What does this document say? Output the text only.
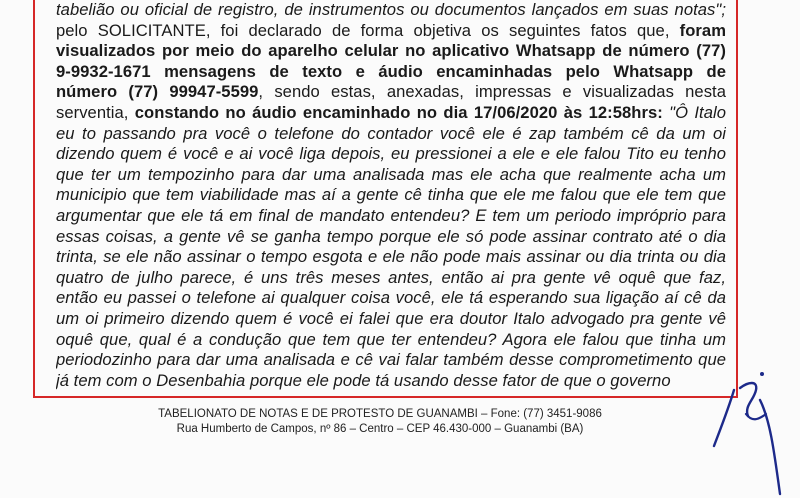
tabelião ou oficial de registro, de instrumentos ou documentos lançados em suas notas";
pelo SOLICITANTE, foi declarado de forma objetiva os seguintes fatos que, foram
visualizados por meio do aparelho celular no aplicativo Whatsapp de número (77)
9-9932-1671 mensagens de texto e áudio encaminhadas pelo Whatsapp de
número (77) 99947-5599, sendo estas, anexadas, impressas e visualizadas nesta
serventia, constando no áudio encaminhado no dia 17/06/2020 às 12:58hrs: "Ô Italo
eu to passando pra você o telefone do contador você ele é zap também cê da um oi
dizendo quem é você e ai você liga depois, eu pressionei a ele e ele falou Tito eu tenho
que ter um tempozinho para dar uma analisada mas ele acha que realmente acha um
municipio que tem viabilidade mas aí a gente cê tinha que ele me falou que ele tem que
argumentar que ele tá em final de mandato entendeu? E tem um periodo impróprio para
essas coisas, a gente vê se ganha tempo porque ele só pode assinar contrato até o dia
trinta, se ele não assinar o tempo esgota e ele não pode mais assinar ou dia trinta ou dia
quatro de julho parece, é uns três meses antes, então ai pra gente vê oquê que faz,
então eu passei o telefone ai qualquer coisa você, ele tá esperando sua ligação aí cê da
um oi primeiro dizendo quem é você ei falei que era doutor Italo advogado pra gente vê
oquê que, qual é a condução que tem que ter entendeu? Agora ele falou que tinha um
periodozinho para dar uma analisada e cê vai falar também desse comprometimento que
já tem com o Desenbahia porque ele pode tá usando desse fator de que o governo
TABELIONATO DE NOTAS E DE PROTESTO DE GUANAMBI – Fone: (77) 3451-9086
Rua Humberto de Campos, nº 86 – Centro – CEP 46.430-000 – Guanambi (BA)
